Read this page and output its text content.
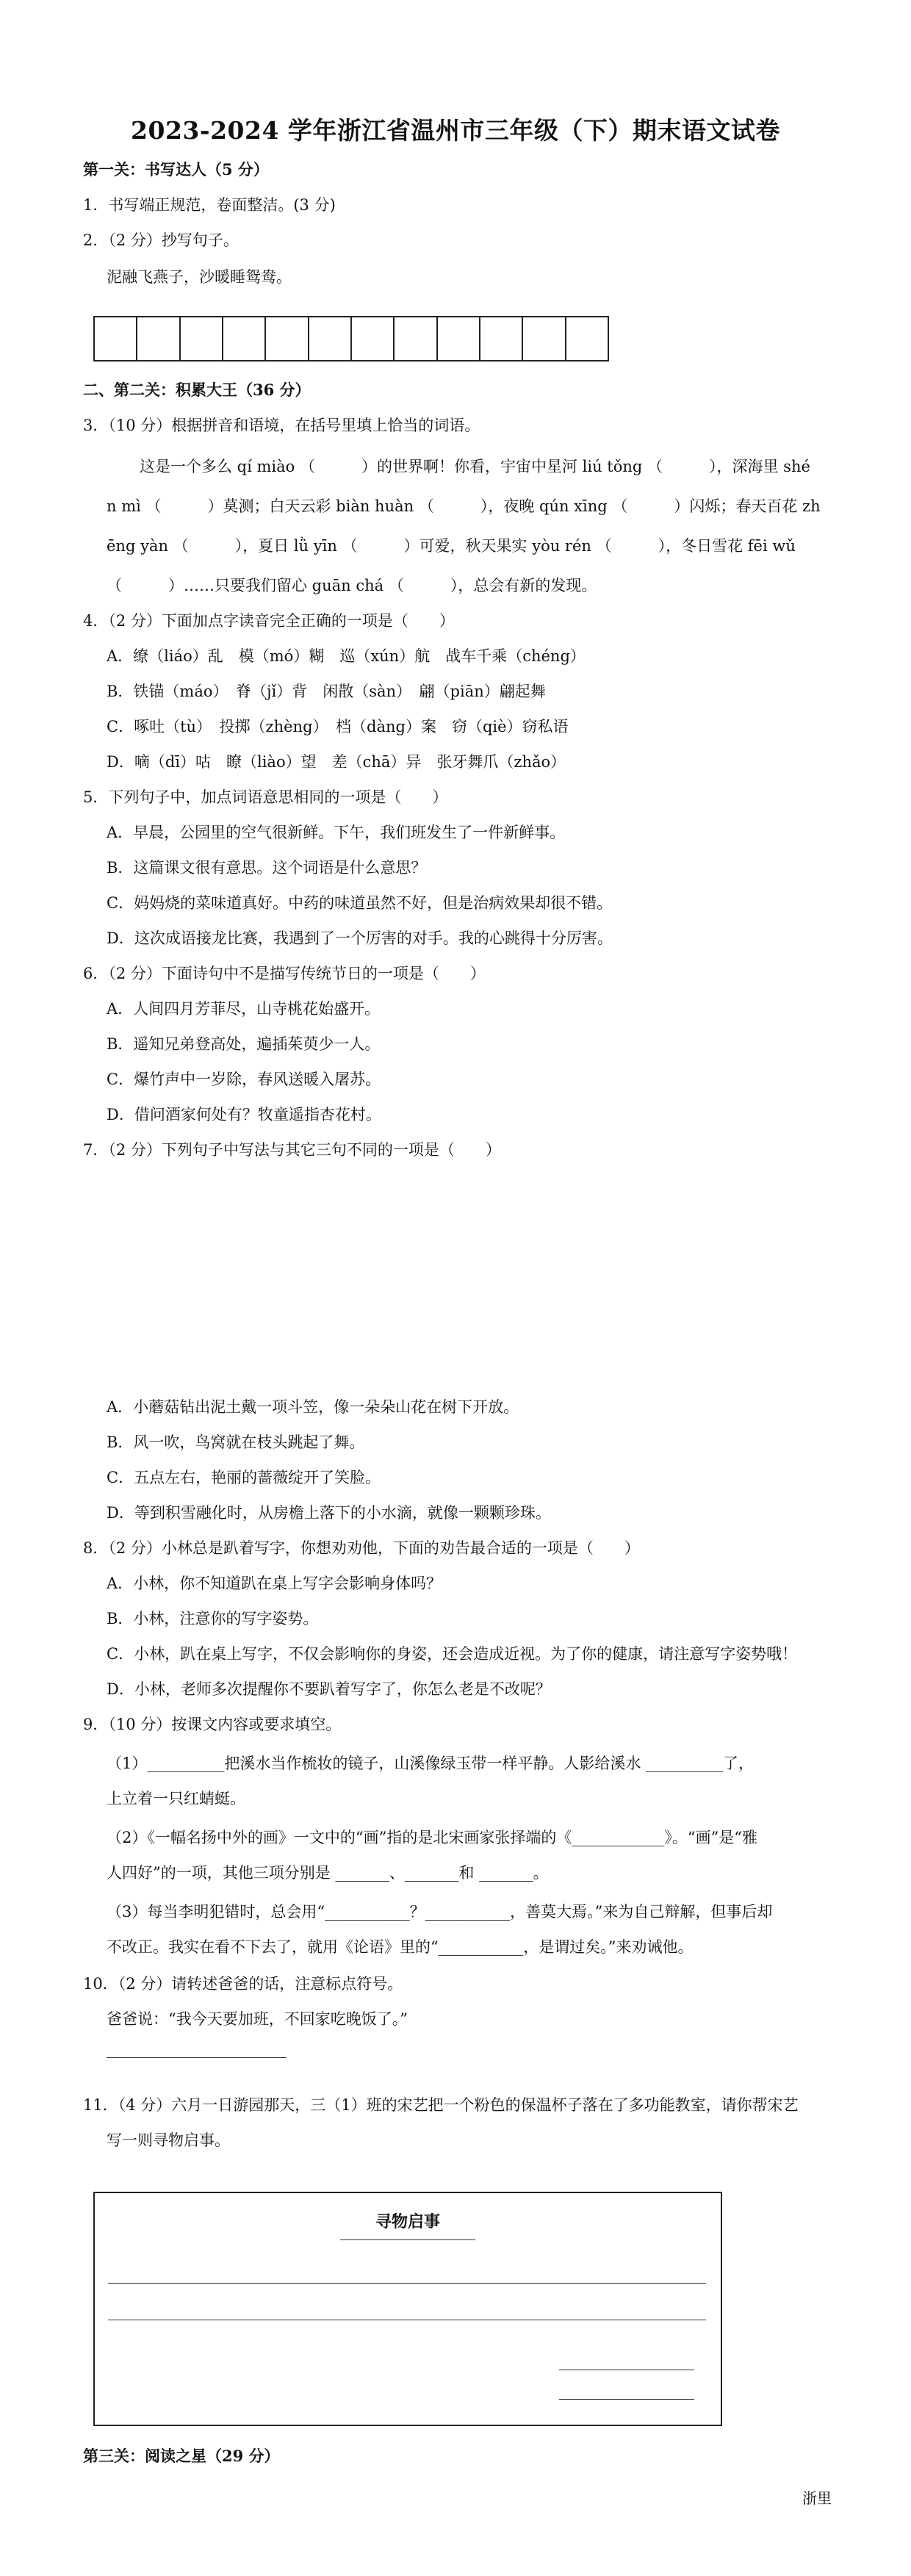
2023-2024 学年浙江省温州市三年级（下）期末语文试卷
第一关：书写达人（5 分）
1．书写端正规范，卷面整洁。(3 分)
2．（2 分）抄写句子。
泥融飞燕子，沙暖睡鸳鸯。
二、第二关：积累大王（36 分）
3．（10 分）根据拼音和语境，在括号里填上恰当的词语。
这是一个多么 qí miào （　　　）的世界啊！你看，宇宙中星河 liú tǒng （　　　），深海里 shé
n mì （　　　）莫测；白天云彩 biàn huàn （　　　），夜晚 qún xīng （　　　）闪烁；春天百花 zh
ēng yàn （　　　），夏日 lǜ yīn （　　　）可爱，秋天果实 yòu rén （　　　），冬日雪花 fēi wǔ
（　　　）……只要我们留心 guān chá （　　　），总会有新的发现。
4．（2 分）下面加点字读音完全正确的一项是（　　）
A．缭（liáo）乱　模（mó）糊　巡（xún）航　战车千乘（chéng）
B．铁锚（máo）　脊（jǐ）背　闲散（sàn）　翩（piān）翩起舞
C．啄吐（tù）　投掷（zhèng）　档（dàng）案　窃（qiè）窃私语
D．嘀（dī）咕　瞭（liào）望　差（chā）异　张牙舞爪（zhǎo）
5．下列句子中，加点词语意思相同的一项是（　　）
A．早晨，公园里的空气很新鲜。下午，我们班发生了一件新鲜事。
B．这篇课文很有意思。这个词语是什么意思？
C．妈妈烧的菜味道真好。中药的味道虽然不好，但是治病效果却很不错。
D．这次成语接龙比赛，我遇到了一个厉害的对手。我的心跳得十分厉害。
6．（2 分）下面诗句中不是描写传统节日的一项是（　　）
A．人间四月芳菲尽，山寺桃花始盛开。
B．遥知兄弟登高处，遍插茱萸少一人。
C．爆竹声中一岁除，春风送暖入屠苏。
D．借问酒家何处有？牧童遥指杏花村。
7．（2 分）下列句子中写法与其它三句不同的一项是（　　）
A．小蘑菇钻出泥土戴一项斗笠，像一朵朵山花在树下开放。
B．风一吹，鸟窝就在枝头跳起了舞。
C．五点左右，艳丽的蔷薇绽开了笑脸。
D．等到积雪融化时，从房檐上落下的小水滴，就像一颗颗珍珠。
8．（2 分）小林总是趴着写字，你想劝劝他，下面的劝告最合适的一项是（　　）
A．小林，你不知道趴在桌上写字会影响身体吗？
B．小林，注意你的写字姿势。
C．小林，趴在桌上写字，不仅会影响你的身姿，还会造成近视。为了你的健康，请注意写字姿势哦！
D．小林，老师多次提醒你不要趴着写字了，你怎么老是不改呢？
9．（10 分）按课文内容或要求填空。
（1）__________把溪水当作梳妆的镜子，山溪像绿玉带一样平静。人影给溪水 __________了，
上立着一只红蜻蜓。
（2）《一幅名扬中外的画》一文中的“画”指的是北宋画家张择端的《____________》。“画”是“雅
人四好”的一项，其他三项分别是 _______、_______和 _______。
（3）每当李明犯错时，总会用“___________？___________，善莫大焉。”来为自己辩解，但事后却
不改正。我实在看不下去了，就用《论语》里的“___________，是谓过矣。”来劝诫他。
10．（2 分）请转述爸爸的话，注意标点符号。
爸爸说：“我今天要加班，不回家吃晚饭了。”
11．（4 分）六月一日游园那天，三（1）班的宋艺把一个粉色的保温杯子落在了多功能教室，请你帮宋艺
写一则寻物启事。
寻物启事
第三关：阅读之星（29 分）
浙里
